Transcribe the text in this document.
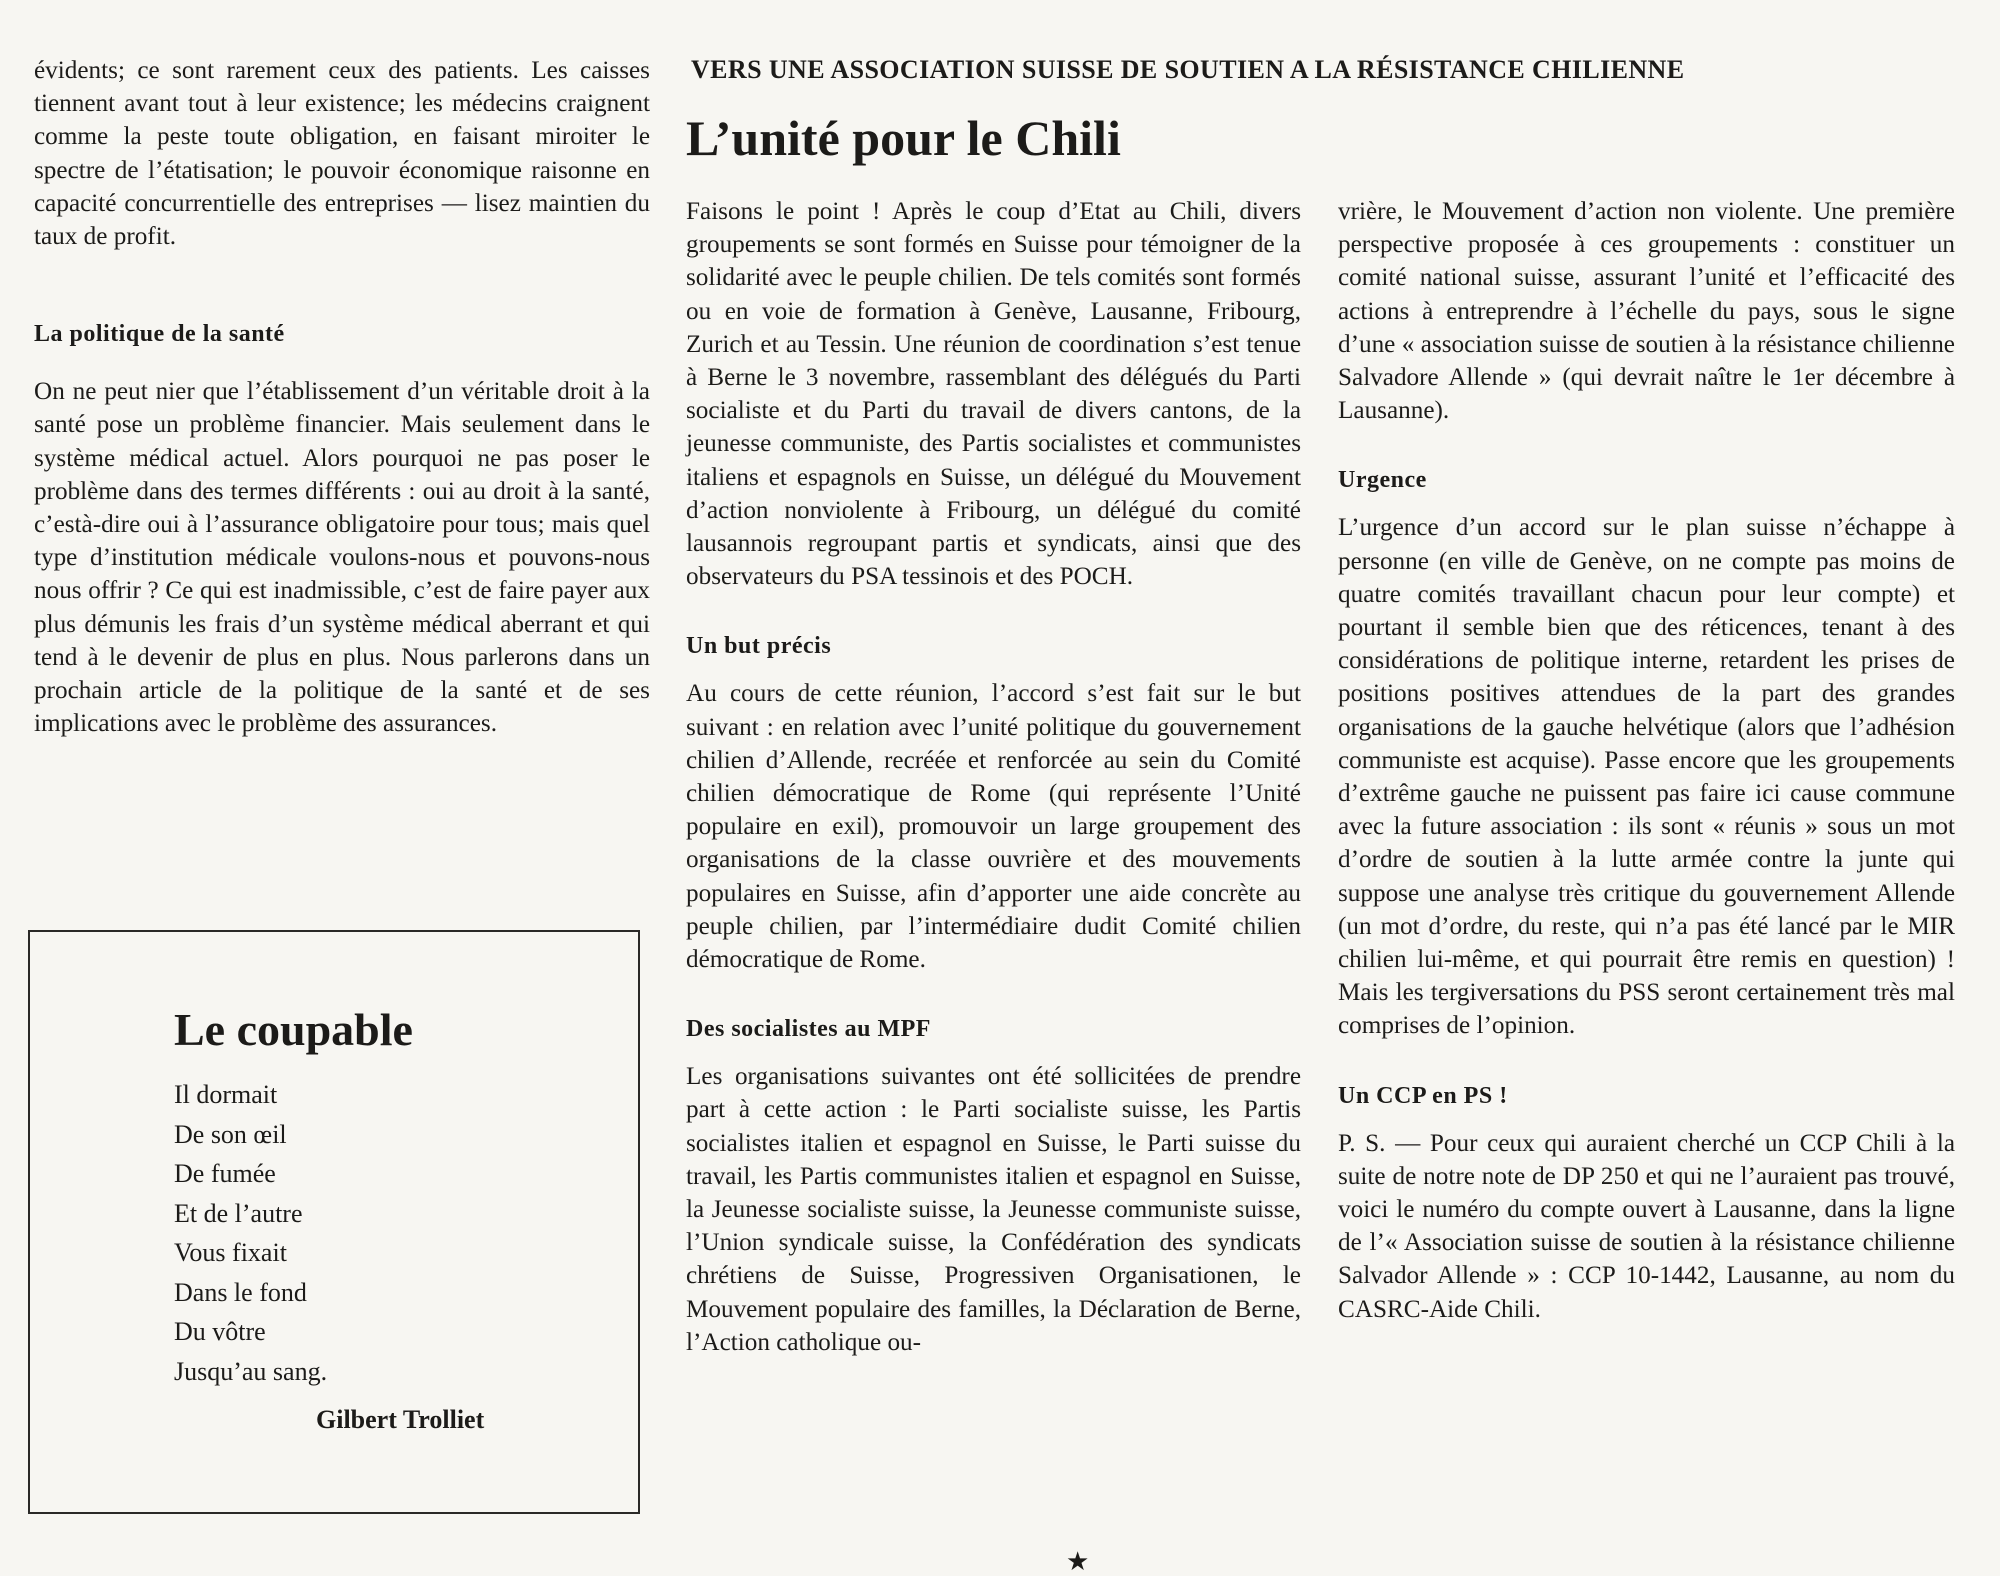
évidents; ce sont rarement ceux des patients. Les caisses tiennent avant tout à leur existence; les médecins craignent comme la peste toute obligation, en faisant miroiter le spectre de l’étatisation; le pouvoir économique raisonne en capacité concurrentielle des entreprises — lisez maintien du taux de profit.
La politique de la santé
On ne peut nier que l’établissement d’un véritable droit à la santé pose un problème financier. Mais seulement dans le système médical actuel. Alors pourquoi ne pas poser le problème dans des termes différents : oui au droit à la santé, c’està-dire oui à l’assurance obligatoire pour tous; mais quel type d’institution médicale voulons-nous et pouvons-nous nous offrir ? Ce qui est inadmissible, c’est de faire payer aux plus démunis les frais d’un système médical aberrant et qui tend à le devenir de plus en plus. Nous parlerons dans un prochain article de la politique de la santé et de ses implications avec le problème des assurances.
Le coupable
Il dormait
De son œil
De fumée
Et de l’autre
Vous fixait
Dans le fond
Du vôtre
Jusqu’au sang.
Gilbert Trolliet
VERS UNE ASSOCIATION SUISSE DE SOUTIEN A LA RÉSISTANCE CHILIENNE
L’unité pour le Chili
Faisons le point ! Après le coup d’Etat au Chili, divers groupements se sont formés en Suisse pour témoigner de la solidarité avec le peuple chilien. De tels comités sont formés ou en voie de formation à Genève, Lausanne, Fribourg, Zurich et au Tessin. Une réunion de coordination s’est tenue à Berne le 3 novembre, rassemblant des délégués du Parti socialiste et du Parti du travail de divers cantons, de la jeunesse communiste, des Partis socialistes et communistes italiens et espagnols en Suisse, un délégué du Mouvement d’action nonviolente à Fribourg, un délégué du comité lausannois regroupant partis et syndicats, ainsi que des observateurs du PSA tessinois et des POCH.
Un but précis
Au cours de cette réunion, l’accord s’est fait sur le but suivant : en relation avec l’unité politique du gouvernement chilien d’Allende, recréée et renforcée au sein du Comité chilien démocratique de Rome (qui représente l’Unité populaire en exil), promouvoir un large groupement des organisations de la classe ouvrière et des mouvements populaires en Suisse, afin d’apporter une aide concrète au peuple chilien, par l’intermédiaire dudit Comité chilien démocratique de Rome.
Des socialistes au MPF
Les organisations suivantes ont été sollicitées de prendre part à cette action : le Parti socialiste suisse, les Partis socialistes italien et espagnol en Suisse, le Parti suisse du travail, les Partis communistes italien et espagnol en Suisse, la Jeunesse socialiste suisse, la Jeunesse communiste suisse, l’Union syndicale suisse, la Confédération des syndicats chrétiens de Suisse, Progressiven Organisationen, le Mouvement populaire des familles, la Déclaration de Berne, l’Action catholique ou-
vrière, le Mouvement d’action non violente. Une première perspective proposée à ces groupements : constituer un comité national suisse, assurant l’unité et l’efficacité des actions à entreprendre à l’échelle du pays, sous le signe d’une « association suisse de soutien à la résistance chilienne Salvadore Allende » (qui devrait naître le 1er décembre à Lausanne).
Urgence
L’urgence d’un accord sur le plan suisse n’échappe à personne (en ville de Genève, on ne compte pas moins de quatre comités travaillant chacun pour leur compte) et pourtant il semble bien que des réticences, tenant à des considérations de politique interne, retardent les prises de positions positives attendues de la part des grandes organisations de la gauche helvétique (alors que l’adhésion communiste est acquise). Passe encore que les groupements d’extrême gauche ne puissent pas faire ici cause commune avec la future association : ils sont « réunis » sous un mot d’ordre de soutien à la lutte armée contre la junte qui suppose une analyse très critique du gouvernement Allende (un mot d’ordre, du reste, qui n’a pas été lancé par le MIR chilien lui-même, et qui pourrait être remis en question) ! Mais les tergiversations du PSS seront certainement très mal comprises de l’opinion.
Un CCP en PS !
P. S. — Pour ceux qui auraient cherché un CCP Chili à la suite de notre note de DP 250 et qui ne l’auraient pas trouvé, voici le numéro du compte ouvert à Lausanne, dans la ligne de l’« Association suisse de soutien à la résistance chilienne Salvador Allende » : CCP 10-1442, Lausanne, au nom du CASRC-Aide Chili.
★
